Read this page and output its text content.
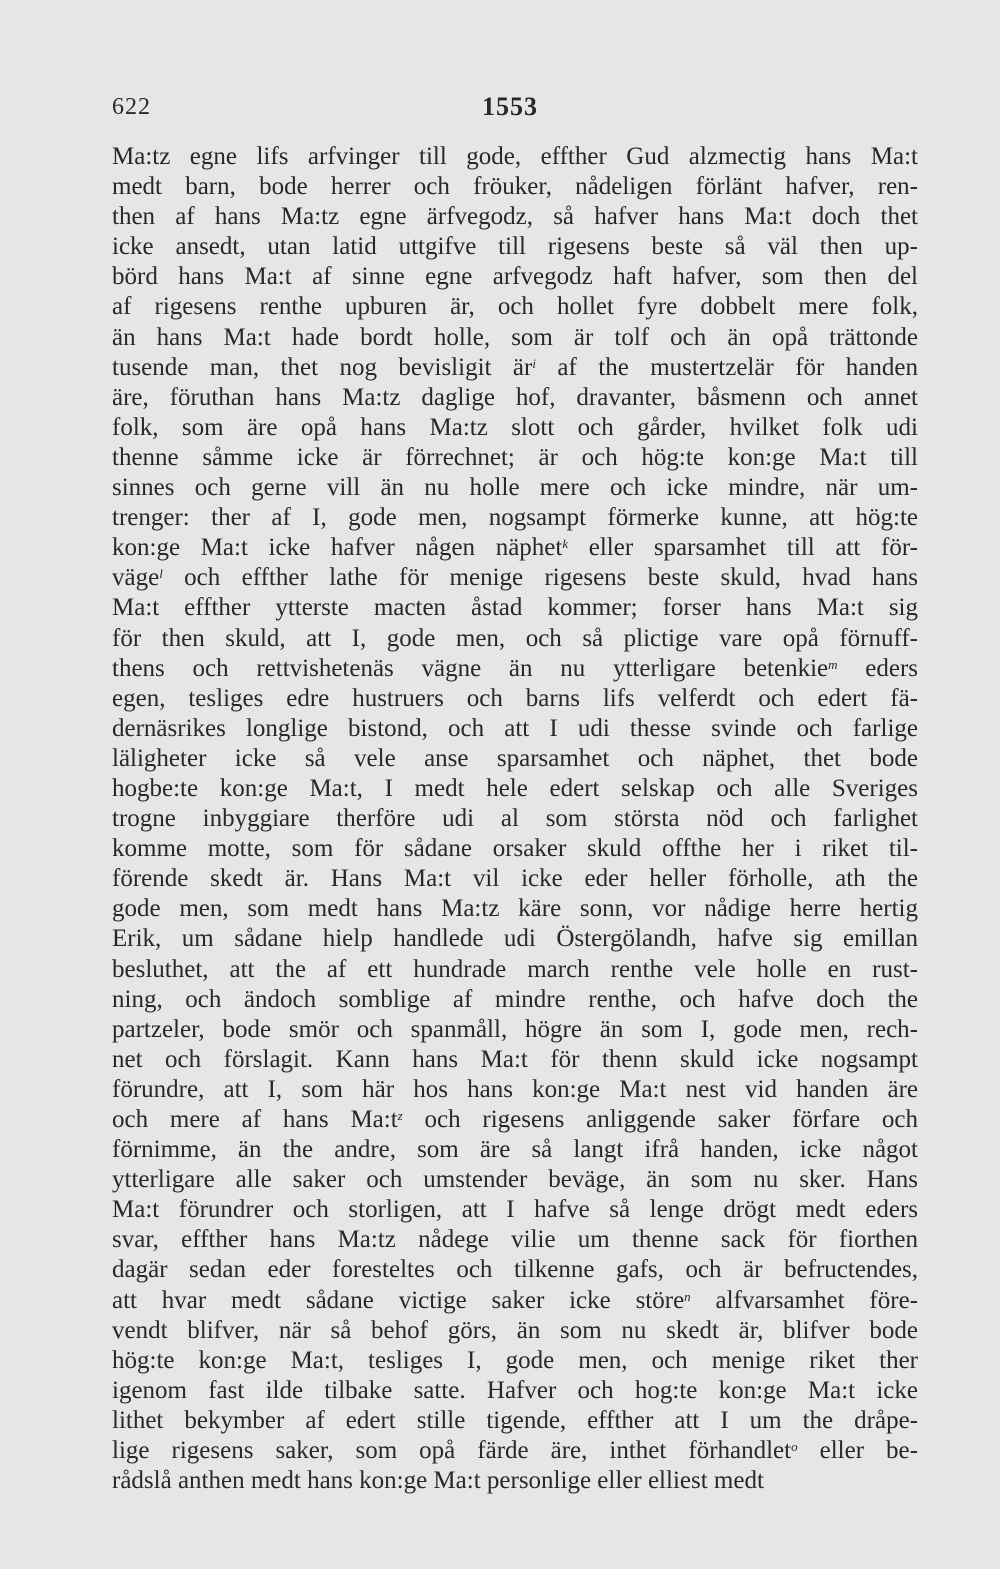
622	1553
Ma:tz egne lifs arfvinger till gode, effther Gud alzmectig hans Ma:t
medt barn, bode herrer och fröuker, nådeligen förlänt hafver, ren-
then af hans Ma:tz egne ärfvegodz, så hafver hans Ma:t doch thet
icke ansedt, utan latid uttgifve till rigesens beste så väl then up-
börd hans Ma:t af sinne egne arfvegodz haft hafver, som then del
af rigesens renthe upburen är, och hollet fyre dobbelt mere folk,
än hans Ma:t hade bordt holle, som är tolf och än opå trättonde
tusende man, thet nog bevisligit $är^i$ af the mustertzelär för handen
äre, föruthan hans Ma:tz daglige hof, dravanter, båsmenn och annet
folk, som äre opå hans Ma:tz slott och gårder, hvilket folk udi
thenne såmme icke är förrechnet; är och hög:te kon:ge Ma:t till
sinnes och gerne vill än nu holle mere och icke mindre, när um-
trenger: ther af I, gode men, nogsampt förmerke kunne, att hög:te
kon:ge Ma:t icke hafver någen näphet$^k$ eller sparsamhet till att för-
väge$^l$ och effther lathe för menige rigesens beste skuld, hvad hans
Ma:t effther ytterste macten åstad kommer; forser hans Ma:t sig
för then skuld, att I, gode men, och så plictige vare opå förnuff-
thens och rettvishetenäs vägne än nu ytterligare betenkie$^m$ eders
egen, tesliges edre hustruers och barns lifs velferdt och edert fä-
dernäsrikes longlige bistond, och att I udi thesse svinde och farlige
läligheter icke så vele anse sparsamhet och näphet, thet bode
hogbe:te kon:ge Ma:t, I medt hele edert selskap och alle Sveriges
trogne inbyggiare therföre udi al som största nöd och farlighet
komme motte, som för sådane orsaker skuld offthe her i riket til-
förende skedt är. Hans Ma:t vil icke eder heller förholle, ath the
gode men, som medt hans Ma:tz käre sonn, vor nådige herre hertig
Erik, um sådane hielp handlede udi Östergölandh, hafve sig emillan
besluthet, att the af ett hundrade march renthe vele holle en rust-
ning, och ändoch somblige af mindre renthe, och hafve doch the
partzeler, bode smör och spanmåll, högre än som I, gode men, rech-
net och förslagit. Kann hans Ma:t för thenn skuld icke nogsampt
förundre, att I, som här hos hans kon:ge Ma:t nest vid handen äre
och mere af hans $Ma:t^z$ och rigesens anliggende saker förfare och
förnimme, än the andre, som äre så langt ifrå handen, icke något
ytterligare alle saker och umstender beväge, än som nu sker. Hans
Ma:t förundrer och storligen, att I hafve så lenge drögt medt eders
svar, effther hans Ma:tz nådege vilie um thenne sack för fiorthen
dagär sedan eder foresteltes och tilkenne gafs, och är befructendes,
att hvar medt sådane victige saker icke störe$^n$ alfvarsamhet före-
vendt blifver, när så behof görs, än som nu skedt är, blifver bode
hög:te kon:ge Ma:t, tesliges I, gode men, och menige riket ther
igenom fast ilde tilbake satte. Hafver och hog:te kon:ge Ma:t icke
lithet bekymber af edert stille tigende, effther att I um the dråpe-
lige rigesens saker, som opå färde äre, inthet förhandlet$^o$ eller be-
rådslå anthen medt hans kon:ge Ma:t personlige eller elliest medt
